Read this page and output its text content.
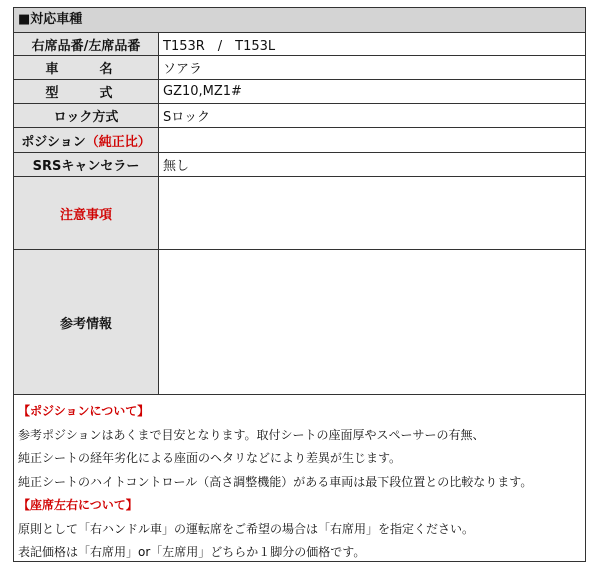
■対応車種
右席品番/左席品番	T153R　/　T153L
車　名	ソアラ
型　式	GZ10,MZ1#
ロック方式	Sロック
ポジション（純正比）	
SRSキャンセラー	無し
注意事項	
参考情報	
【ポジションについて】
参考ポジションはあくまで目安となります。取付シートの座面厚やスペーサーの有無、
純正シートの経年劣化による座面のヘタリなどにより差異が生じます。
純正シートのハイトコントロール（高さ調整機能）がある車両は最下段位置との比較なります。
【座席左右について】
原則として「右ハンドル車」の運転席をご希望の場合は「右席用」を指定ください。
表記価格は「右席用」or「左席用」どちらか１脚分の価格です。
